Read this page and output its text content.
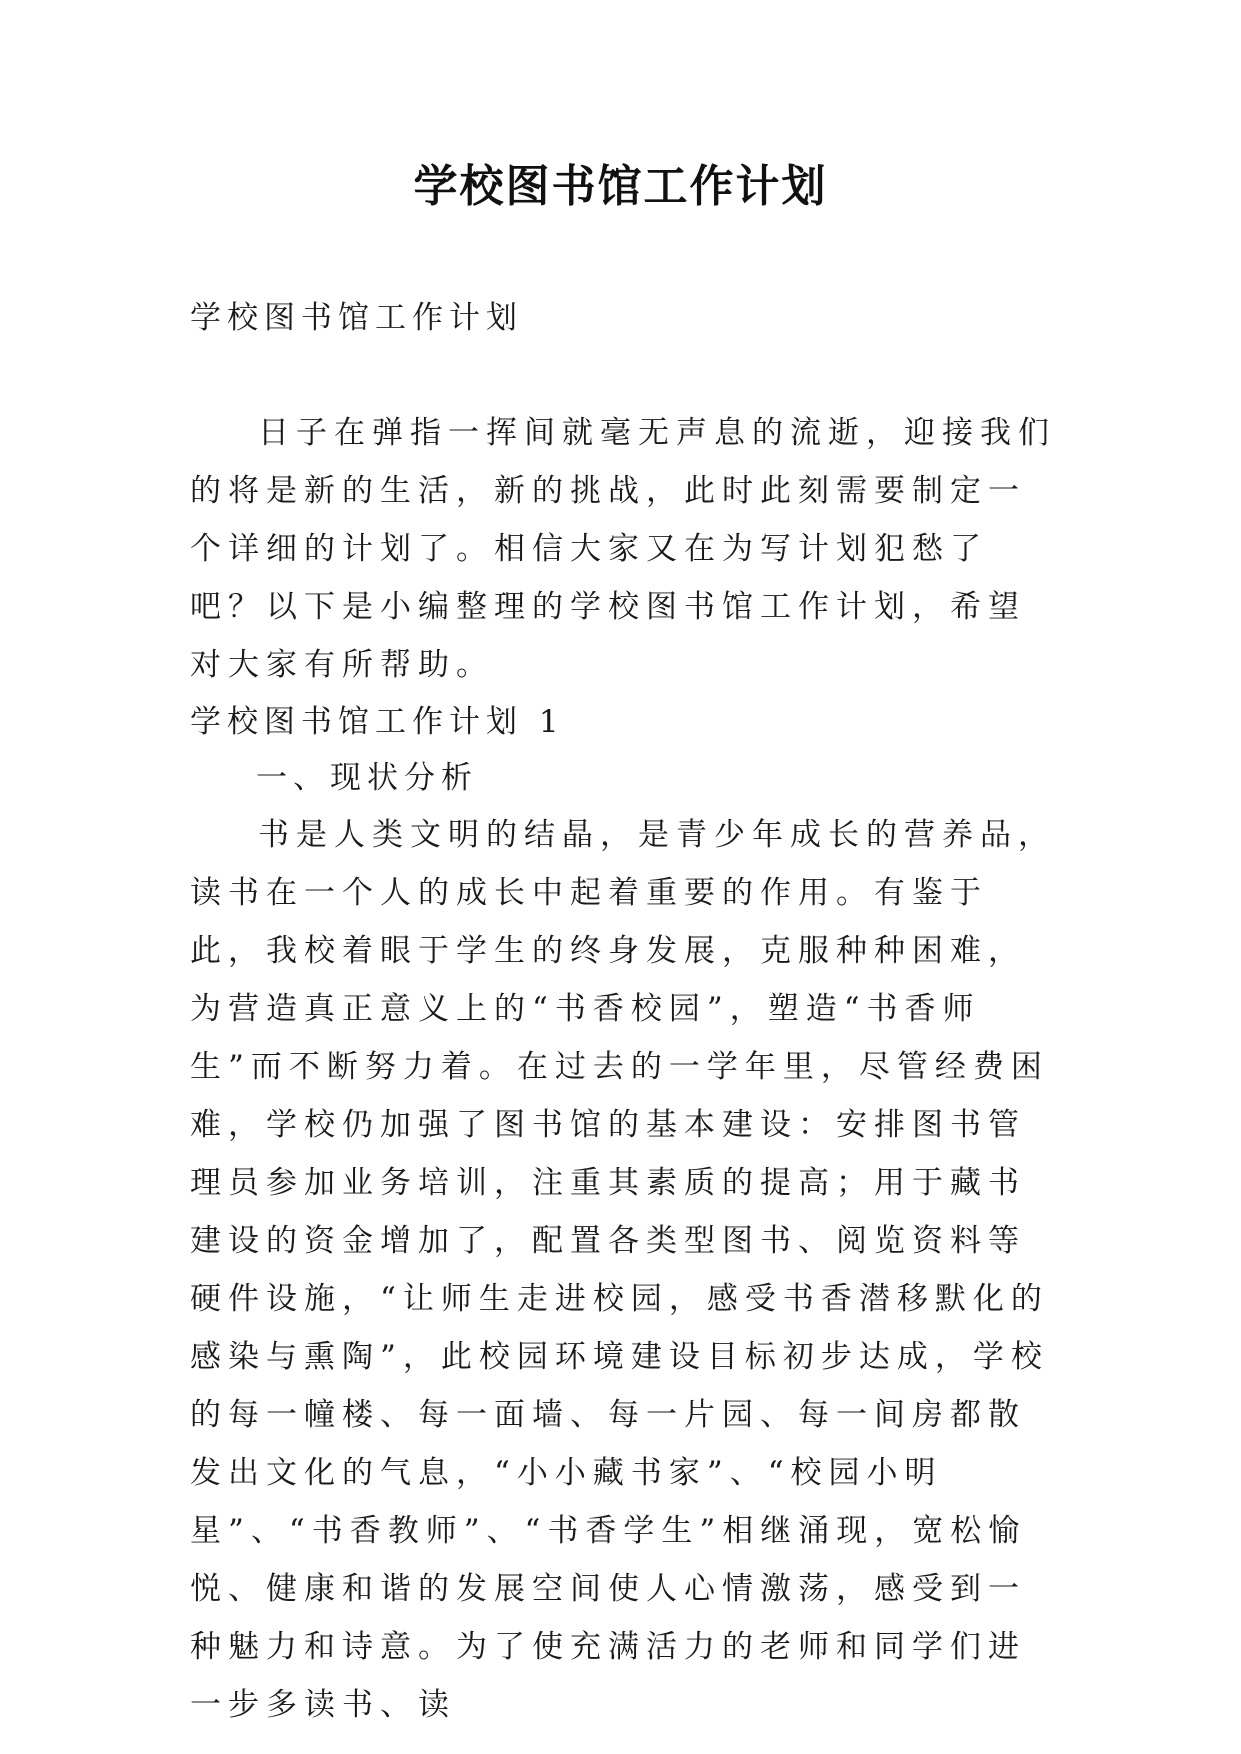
学校图书馆工作计划
学校图书馆工作计划

日子在弹指一挥间就毫无声息的流逝，迎接我们的将是新的生活，新的挑战，此时此刻需要制定一个详细的计划了。相信大家又在为写计划犯愁了吧？以下是小编整理的学校图书馆工作计划，希望对大家有所帮助。

学校图书馆工作计划 1
一、现状分析

书是人类文明的结晶，是青少年成长的营养品，读书在一个人的成长中起着重要的作用。有鉴于此，我校着眼于学生的终身发展，克服种种困难，为营造真正意义上的“书香校园”，塑造“书香师生”而不断努力着。在过去的一学年里，尽管经费困难，学校仍加强了图书馆的基本建设：安排图书管理员参加业务培训，注重其素质的提高；用于藏书建设的资金增加了，配置各类型图书、阅览资料等硬件设施，“让师生走进校园，感受书香潜移默化的感染与熏陶”，此校园环境建设目标初步达成，学校的每一幢楼、每一面墙、每一片园、每一间房都散发出文化的气息，“小小藏书家”、“校园小明星”、“书香教师”、“书香学生”相继涌现，宽松愉悦、健康和谐的发展空间使人心情激荡，感受到一种魅力和诗意。为了使充满活力的老师和同学们进一步多读书、读
